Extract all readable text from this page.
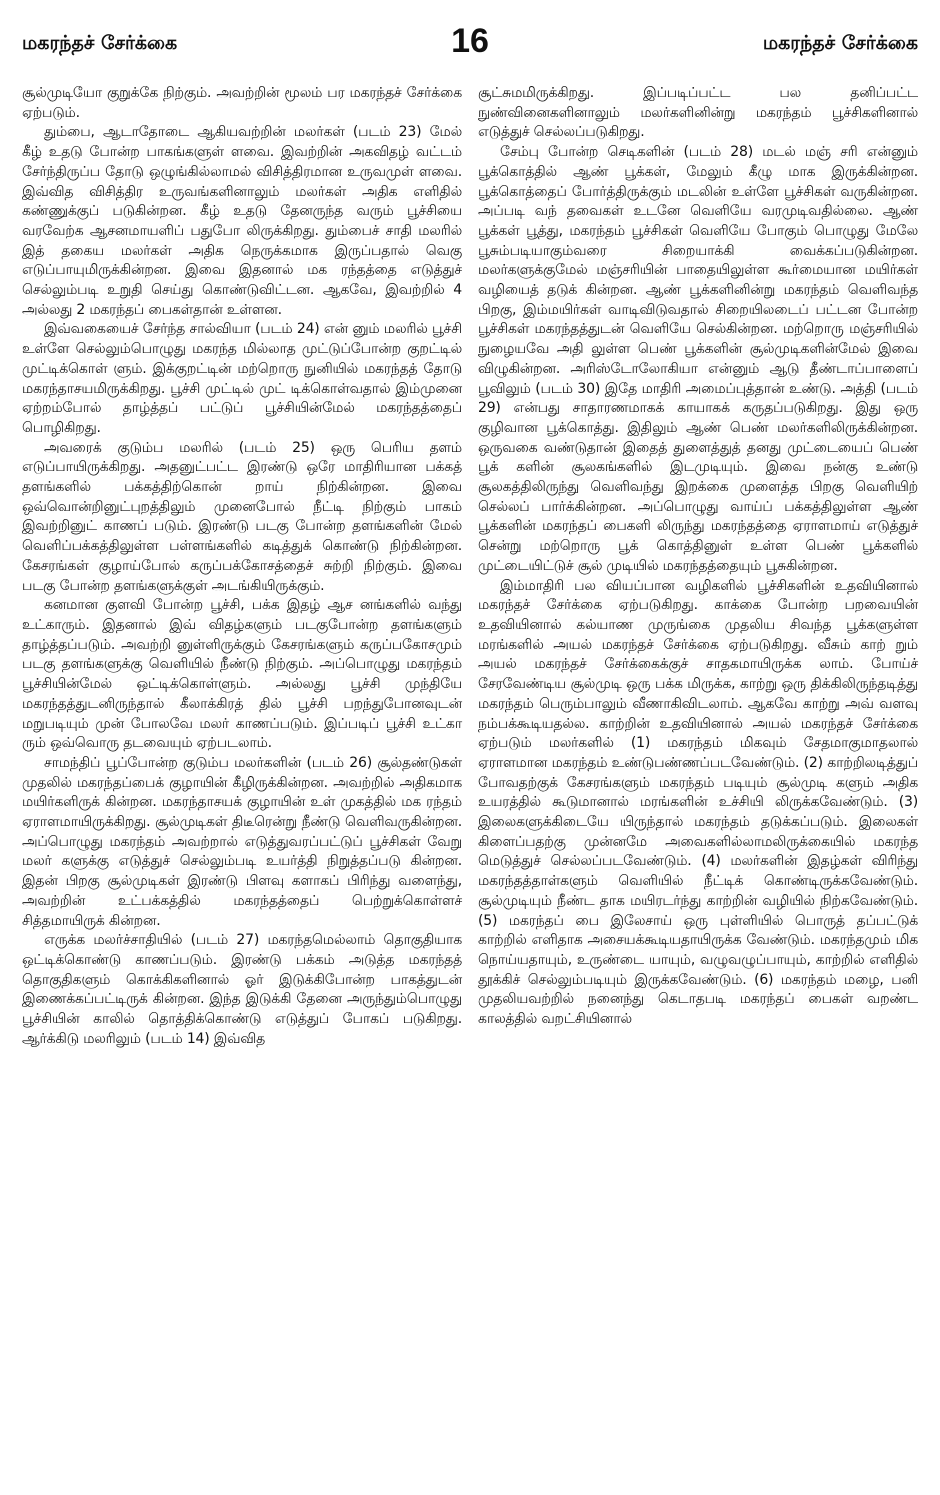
மகரந்தச் சேர்க்கை	16	மகரந்தச் சேர்க்கை

சூல்முடியோ குறுக்கே நிற்கும். அவற்றின் மூலம் பர மகரந்தச் சேர்க்கை ஏற்படும்.

தும்பை, ஆடாதோடை ஆகியவற்றின் மலர்கள் (படம் 23) மேல் கீழ் உதடு போன்ற பாகங்களுள் ளவை. இவற்றின் அகவிதழ் வட்டம் சேர்ந்திருப்ப தோடு ஒழுங்கில்லாமல் விசித்திரமான உருவமுள் ளவை. இவ்வித விசித்திர உருவங்களினாலும் மலர்கள் அதிக எளிதில் கண்ணுக்குப் படுகின்றன. கீழ் உதடு தேனருந்த வரும் பூச்சியை வரவேற்க ஆசனமாயளிப் பதுபோ லிருக்கிறது. தும்பைச் சாதி மலரில் இத் தகைய மலர்கள் அதிக நெருக்கமாக இருப்பதால் வெகு எடுப்பாயுமிருக்கின்றன. இவை இதனால் மக ரந்தத்தை எடுத்துச் செல்லும்படி உறுதி செய்து கொண்டுவிட்டன. ஆகவே, இவற்றில் 4 அல்லது 2 மகரந்தப் பைகள்தான் உள்ளன.

இவ்வகையைச் சேர்ந்த சால்வியா (படம் 24) என் னும் மலரில் பூச்சி உள்ளே செல்லும்பொழுது மகரந்த மில்லாத முட்டுப்போன்ற குறட்டில் முட்டிக்கொள் ளும். இக்குறட்டின் மற்றொரு நுனியில் மகரந்தத் தோடு மகரந்தாசயமிருக்கிறது. பூச்சி முட்டில் முட் டிக்கொள்வதால் இம்முனை ஏற்றம்போல் தாழ்த்தப் பட்டுப் பூச்சியின்மேல் மகரந்தத்தைப் பொழிகிறது.

அவரைக் குடும்ப மலரில் (படம் 25) ஒரு பெரிய தளம் எடுப்பாயிருக்கிறது. அதனுட்பட்ட இரண்டு ஒரே மாதிரியான பக்கத் தளங்களில் பக்கத்திற்கொன் றாய் நிற்கின்றன. இவை ஒவ்வொன்றினுட்புறத்திலும் முனைபோல் நீட்டி நிற்கும் பாகம் இவற்றினுட் காணப் படும். இரண்டு படகு போன்ற தளங்களின் மேல் வெளிப்பக்கத்திலுள்ள பள்ளங்களில் கடித்துக் கொண்டு நிற்கின்றன. கேசரங்கள் குழாய்போல் கருப்பக்கோசத்தைச் சுற்றி நிற்கும். இவை படகு போன்ற தளங்களுக்குள் அடங்கியிருக்கும்.

கனமான குளவி போன்ற பூச்சி, பக்க இதழ் ஆச னங்களில் வந்து உட்காரும். இதனால் இவ் விதழ்களும் படகுபோன்ற தளங்களும் தாழ்த்தப்படும். அவற்றி னுள்ளிருக்கும் கேசரங்களும் கருப்பகோசமும் படகு தளங்களுக்கு வெளியில் நீண்டு நிற்கும். அப்பொழுது மகரந்தம் பூச்சியின்மேல் ஒட்டிக்கொள்ளும். அல்லது பூச்சி முந்தியே மகரந்தத்துடனிருந்தால் கீலாக்கிரத் தில் பூச்சி பறந்துபோனவுடன் மறுபடியும் முன் போலவே மலர் காணப்படும். இப்படிப் பூச்சி உட்கா ரும் ஒவ்வொரு தடவையும் ஏற்படலாம்.

சாமந்திப் பூப்போன்ற குடும்ப மலர்களின் (படம் 26) சூல்தண்டுகள் முதலில் மகரந்தப்பைக் குழாயின் கீழிருக்கின்றன. அவற்றில் அதிகமாக மயிர்களிருக் கின்றன. மகரந்தாசயக் குழாயின் உள் முகத்தில் மக ரந்தம் ஏராளமாயிருக்கிறது. சூல்முடிகள் திடீரென்று நீண்டு வெளிவருகின்றன. அப்பொழுது மகரந்தம் அவற்றால் எடுத்துவரப்பட்டுப் பூச்சிகள் வேறு மலர் களுக்கு எடுத்துச் செல்லும்படி உயர்த்தி நிறுத்தப்படு கின்றன. இதன் பிறகு சூல்முடிகள் இரண்டு பிளவு களாகப் பிரிந்து வளைந்து, அவற்றின் உட்பக்கத்தில் மகரந்தத்தைப் பெற்றுக்கொள்ளச் சித்தமாயிருக் கின்றன.

எருக்க மலர்ச்சாதியில் (படம் 27) மகரந்தமெல்லாம் தொகுதியாக ஒட்டிக்கொண்டு காணப்படும். இரண்டு பக்கம் அடுத்த மகரந்தத் தொகுதிகளும் கொக்கிகளினால் ஓர் இடுக்கிபோன்ற பாகத்துடன் இணைக்கப்பட்டிருக் கின்றன. இந்த இடுக்கி தேனை அருந்தும்பொழுது பூச்சியின் காலில் தொத்திக்கொண்டு எடுத்துப் போகப் படுகிறது. ஆர்க்கிடு மலரிலும் (படம் 14) இவ்வித

சூட்சுமமிருக்கிறது. இப்படிப்பட்ட பல தனிப்பட்ட நுண்வினைகளினாலும் மலர்களினின்று மகரந்தம் பூச்சிகளினால் எடுத்துச் செல்லப்படுகிறது.

சேம்பு போன்ற செடிகளின் (படம் 28) மடல் மஞ் சரி என்னும் பூக்கொத்தில் ஆண் பூக்கள், மேலும் கீழு மாக இருக்கின்றன. பூக்கொத்தைப் போர்த்திருக்கும் மடலின் உள்ளே பூச்சிகள் வருகின்றன. அப்படி வந் தவைகள் உடனே வெளியே வரமுடிவதில்லை. ஆண் பூக்கள் பூத்து, மகரந்தம் பூச்சிகள் வெளியே போகும் பொழுது மேலே பூசும்படியாகும்வரை சிறையாக்கி வைக்கப்படுகின்றன. மலர்களுக்குமேல் மஞ்சரியின் பாதையிலுள்ள கூர்மையான மயிர்கள் வழியைத் தடுக் கின்றன. ஆண் பூக்களினின்று மகரந்தம் வெளிவந்த பிறகு, இம்மயிர்கள் வாடிவிடுவதால் சிறையிலடைப் பட்டன போன்ற பூச்சிகள் மகரந்தத்துடன் வெளியே செல்கின்றன. மற்றொரு மஞ்சரியில் நுழையவே அதி லுள்ள பெண் பூக்களின் சூல்முடிகளின்மேல் இவை விழுகின்றன. அரிஸ்டோலோகியா என்னும் ஆடு தீண்டாப்பாளைப் பூவிலும் (படம் 30) இதே மாதிரி அமைப்புத்தான் உண்டு. அத்தி (படம் 29) என்பது சாதாரணமாகக் காயாகக் கருதப்படுகிறது. இது ஒரு குழிவான பூக்கொத்து. இதிலும் ஆண் பெண் மலர்களிலிருக்கின்றன. ஒருவகை வண்டுதான் இதைத் துளைத்துத் தனது முட்டையைப் பெண் பூக் களின் சூலகங்களில் இடமுடியும். இவை நன்கு உண்டு சூலகத்திலிருந்து வெளிவந்து இறக்கை முளைத்த பிறகு வெளியிற் செல்லப் பார்க்கின்றன. அப்பொழுது வாய்ப் பக்கத்திலுள்ள ஆண் பூக்களின் மகரந்தப் பைகளி லிருந்து மகரந்தத்தை ஏராளமாய் எடுத்துச் சென்று மற்றொரு பூக் கொத்தினுள் உள்ள பெண் பூக்களில் முட்டையிட்டுச் சூல் முடியில் மகரந்தத்தையும் பூசுகின்றன.

இம்மாதிரி பல வியப்பான வழிகளில் பூச்சிகளின் உதவியினால் மகரந்தச் சேர்க்கை ஏற்படுகிறது. காக்கை போன்ற பறவையின் உதவியினால் கல்யாண முருங்கை முதலிய சிவந்த பூக்களுள்ள மரங்களில் அயல் மகரந்தச் சேர்க்கை ஏற்படுகிறது. வீசும் காற் றும் அயல் மகரந்தச் சேர்க்கைக்குச் சாதகமாயிருக்க லாம். போய்ச் சேரவேண்டிய சூல்முடி ஒரு பக்க மிருக்க, காற்று ஒரு திக்கிலிருந்தடித்து மகரந்தம் பெரும்பாலும் வீணாகிவிடலாம். ஆகவே காற்று அவ் வளவு நம்பக்கூடியதல்ல. காற்றின் உதவியினால் அயல் மகரந்தச் சேர்க்கை ஏற்படும் மலர்களில் (1) மகரந்தம் மிகவும் சேதமாகுமாதலால் ஏராளமான மகரந்தம் உண்டுபண்ணப்படவேண்டும். (2) காற்றிலடித்துப் போவதற்குக் கேசரங்களும் மகரந்தம் படியும் சூல்முடி களும் அதிக உயரத்தில் கூடுமானால் மரங்களின் உச்சியி லிருக்கவேண்டும். (3) இலைகளுக்கிடையே யிருந்தால் மகரந்தம் தடுக்கப்படும். இலைகள் கிளைப்பதற்கு முன்னமே அவைகளில்லாமலிருக்கையில் மகரந்த மெடுத்துச் செல்லப்படவேண்டும். (4) மலர்களின் இதழ்கள் விரிந்து மகரந்தத்தாள்களும் வெளியில் நீட்டிக் கொண்டிருக்கவேண்டும். சூல்முடியும் நீண்ட தாக மயிரடர்ந்து காற்றின் வழியில் நிற்கவேண்டும். (5) மகரந்தப் பை இலேசாய் ஒரு புள்ளியில் பொருத் தப்பட்டுக் காற்றில் எளிதாக அசையக்கூடியதாயிருக்க வேண்டும். மகரந்தமும் மிக நொய்யதாயும், உருண்டை யாயும், வழுவழுப்பாயும், காற்றில் எளிதில் தூக்கிச் செல்லும்படியும் இருக்கவேண்டும். (6) மகரந்தம் மழை, பனி முதலியவற்றில் நனைந்து கெடாதபடி மகரந்தப் பைகள் வறண்ட காலத்தில் வறட்சியினால்
